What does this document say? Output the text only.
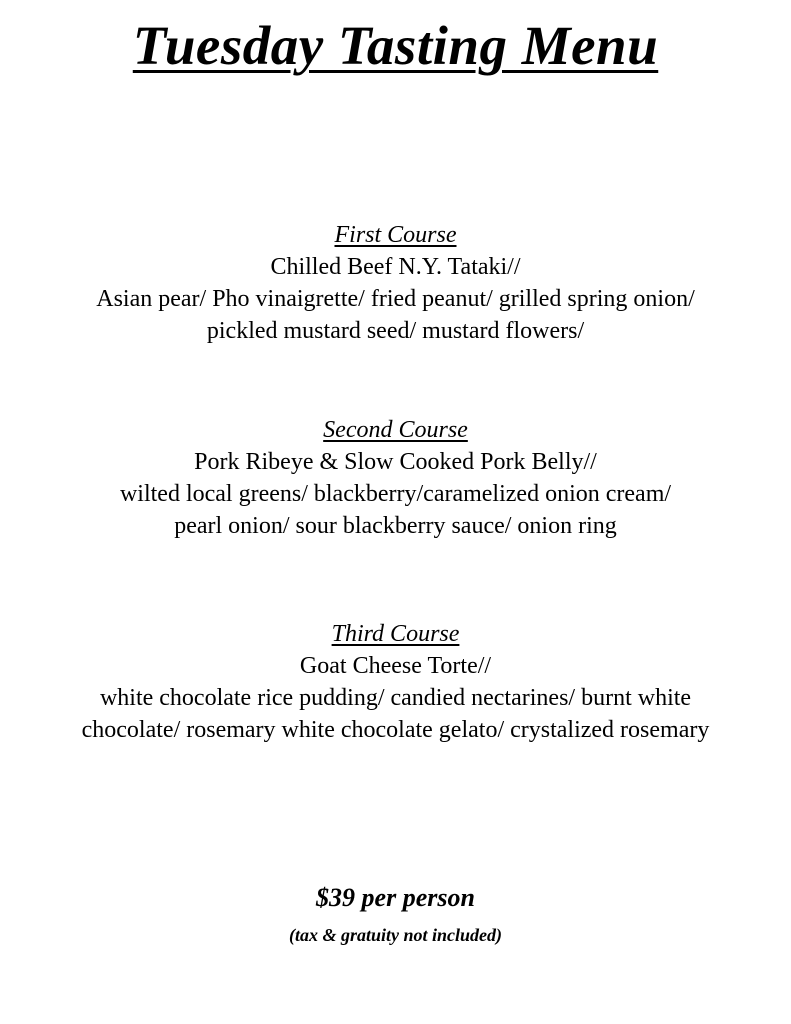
Tuesday Tasting Menu
First Course
Chilled Beef N.Y. Tataki//
Asian pear/ Pho vinaigrette/ fried peanut/ grilled spring onion/
pickled mustard seed/ mustard flowers/
Second Course
Pork Ribeye & Slow Cooked Pork Belly//
wilted local greens/ blackberry/caramelized onion cream/
pearl onion/ sour blackberry sauce/ onion ring
Third Course
Goat Cheese Torte//
white chocolate rice pudding/ candied nectarines/ burnt white
chocolate/ rosemary white chocolate gelato/ crystalized rosemary
$39 per person
(tax & gratuity not included)
